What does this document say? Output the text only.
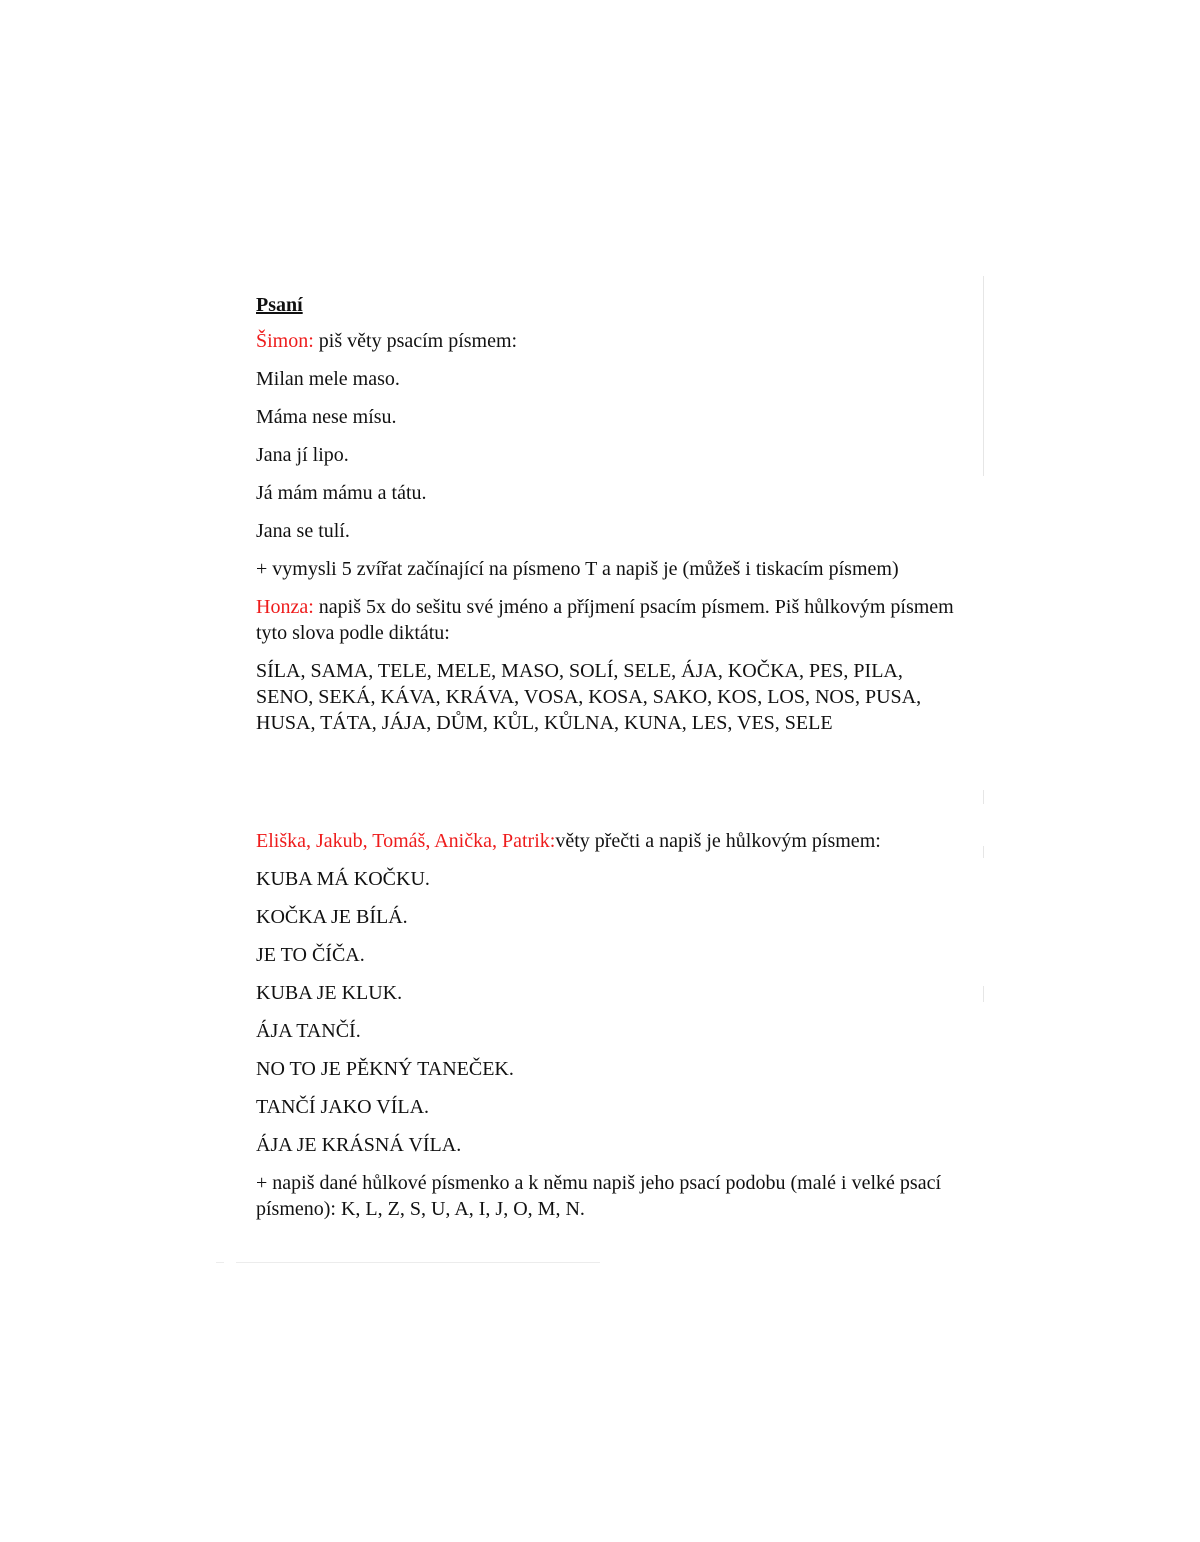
Psaní

Šimon: piš věty psacím písmem:

Milan mele maso.

Máma nese mísu.

Jana jí lipo.

Já mám mámu a tátu.

Jana se tulí.

+ vymysli 5 zvířat začínající na písmeno T a napiš je (můžeš i tiskacím písmem)

Honza: napiš 5x do sešitu své jméno a příjmení psacím písmem. Piš hůlkovým písmem tyto slova podle diktátu:

SÍLA, SAMA, TELE, MELE, MASO, SOLÍ, SELE, ÁJA, KOČKA, PES, PILA, SENO, SEKÁ, KÁVA, KRÁVA, VOSA, KOSA, SAKO, KOS, LOS, NOS, PUSA, HUSA, TÁTA, JÁJA, DŮM, KŮL, KŮLNA, KUNA, LES, VES, SELE

Eliška, Jakub, Tomáš, Anička, Patrik:věty přečti a napiš je hůlkovým písmem:

KUBA MÁ KOČKU.

KOČKA JE BÍLÁ.

JE TO ČÍČA.

KUBA JE KLUK.

ÁJA TANČÍ.

NO TO JE PĚKNÝ TANEČEK.

TANČÍ JAKO VÍLA.

ÁJA JE KRÁSNÁ VÍLA.

+ napiš dané hůlkové písmenko a k němu napiš jeho psací podobu (malé i velké psací písmeno): K, L, Z, S, U, A, I, J, O, M, N.
